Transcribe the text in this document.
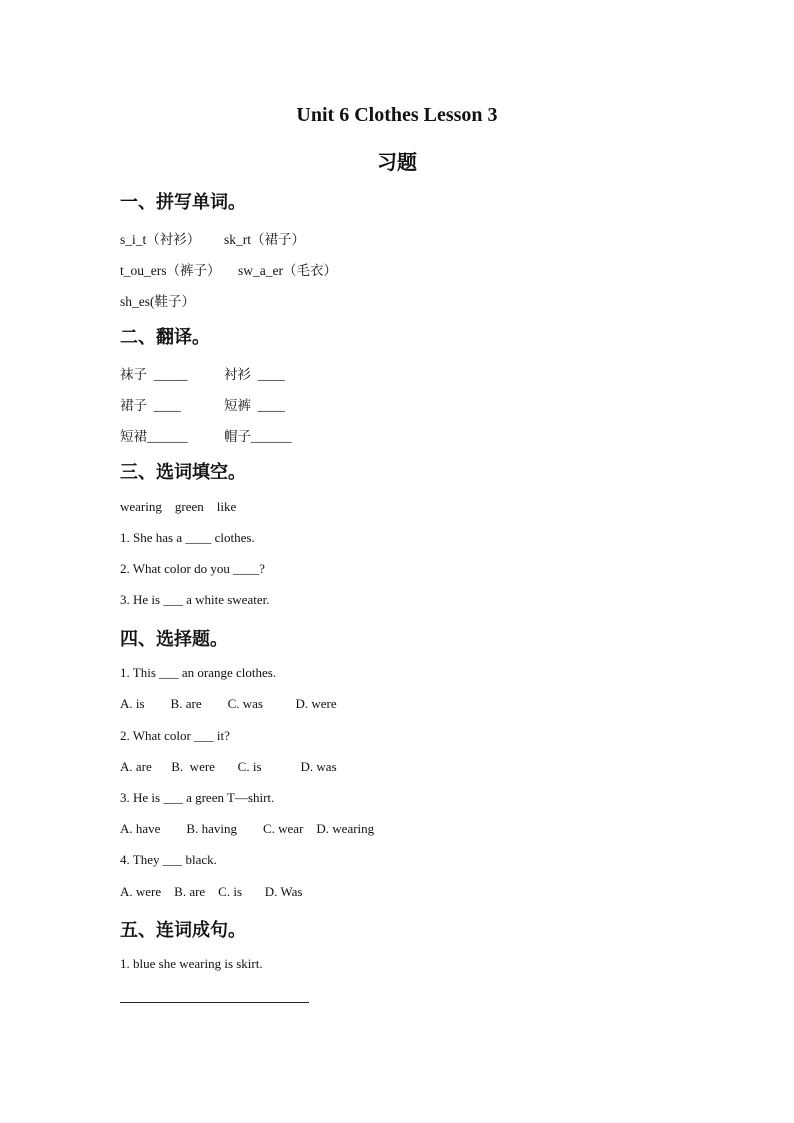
Unit 6 Clothes Lesson 3
习题
一、拼写单词。
s_i_t（衬衫） sk_rt（裙子）
t_ou_ers（裤子） sw_a_er（毛衣）
sh_es(鞋子）
二、翻译。
袜子  _____	衬衫  ____
裙子  ____	短裤  ____
短裙______	帽子______
三、选词填空。
wearing    green    like
1. She has a ____ clothes.
2. What color do you ____?
3. He is ___ a white sweater.
四、选择题。
1. This ___ an orange clothes.
A. is        B. are        C. was          D. were
2. What color ___ it?
A. are      B.  were       C. is            D. was
3. He is ___ a green T—shirt.
A. have        B. having        C. wear    D. wearing
4. They ___ black.
A. were    B. are    C. is       D. Was
五、连词成句。
1. blue she wearing is skirt.
